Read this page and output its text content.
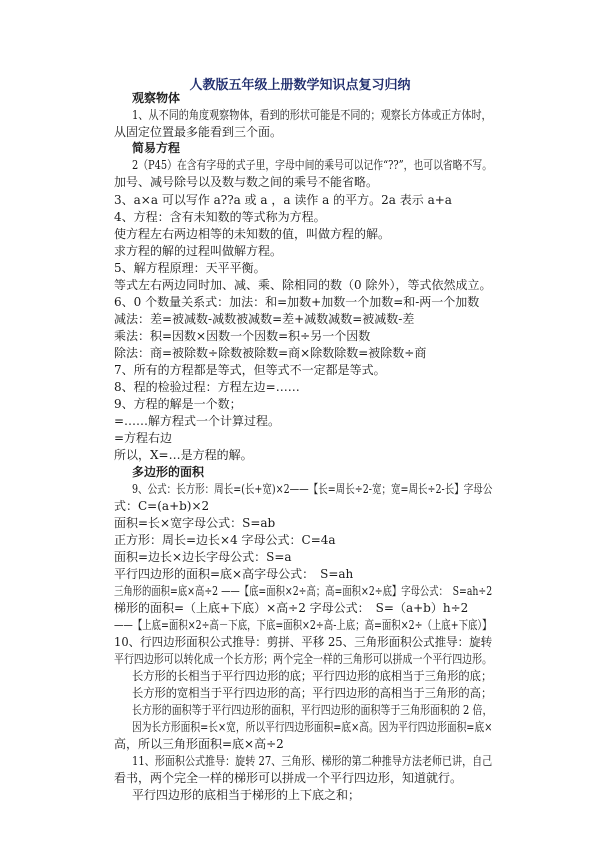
人教版五年级上册数学知识点复习归纳
观察物体
1、从不同的角度观察物体，看到的形状可能是不同的；观察长方体或正方体时，
从固定位置最多能看到三个面。
简易方程
2（P45）在含有字母的式子里，字母中间的乘号可以记作“??”，也可以省略不写。
加号、减号除号以及数与数之间的乘号不能省略。
3、a×a 可以写作 a??a 或 a ，a 读作 a 的平方。2a 表示 a+a
4、方程：含有未知数的等式称为方程。
使方程左右两边相等的未知数的值，叫做方程的解。
求方程的解的过程叫做解方程。
5、解方程原理：天平平衡。
等式左右两边同时加、减、乘、除相同的数（0 除外），等式依然成立。
6、0 个数量关系式：加法：和=加数+加数一个加数=和-两一个加数
减法：差=被减数-减数被减数=差+减数减数=被减数-差
乘法：积=因数×因数一个因数=积÷另一个因数
除法：商=被除数÷除数被除数=商×除数除数=被除数÷商
7、所有的方程都是等式，但等式不一定都是等式。
8、程的检验过程：方程左边=……
9、方程的解是一个数；
=……解方程式一个计算过程。
=方程右边
所以，X=…是方程的解。
多边形的面积
9、公式：长方形：周长=(长+宽)×2——【长=周长÷2-宽；宽=周长÷2-长】字母公
式：C=(a+b)×2
面积=长×宽字母公式：S=ab
正方形：周长=边长×4 字母公式：C=4a
面积=边长×边长字母公式：S=a
平行四边形的面积=底×高字母公式：　S=ah
三角形的面积=底×高÷2 ——【底=面积×2÷高；高=面积×2÷底】字母公式：　S=ah÷2
梯形的面积=（上底+下底）×高÷2 字母公式：　S=（a+b）h÷2
——【上底=面积×2÷高－下底，下底=面积×2÷高-上底；高=面积×2÷（上底+下底）】
10、行四边形面积公式推导：剪拼、平移 25、三角形面积公式推导：旋转
平行四边形可以转化成一个长方形；两个完全一样的三角形可以拼成一个平行四边形。
长方形的长相当于平行四边形的底；平行四边形的底相当于三角形的底；
长方形的宽相当于平行四边形的高；平行四边形的高相当于三角形的高；
长方形的面积等于平行四边形的面积，平行四边形的面积等于三角形面积的 2 倍，
因为长方形面积=长×宽，所以平行四边形面积=底×高。因为平行四边形面积=底×
高，所以三角形面积=底×高÷2
11、形面积公式推导：旋转 27、三角形、梯形的第二种推导方法老师已讲，自己
看书，两个完全一样的梯形可以拼成一个平行四边形，知道就行。
平行四边形的底相当于梯形的上下底之和；
